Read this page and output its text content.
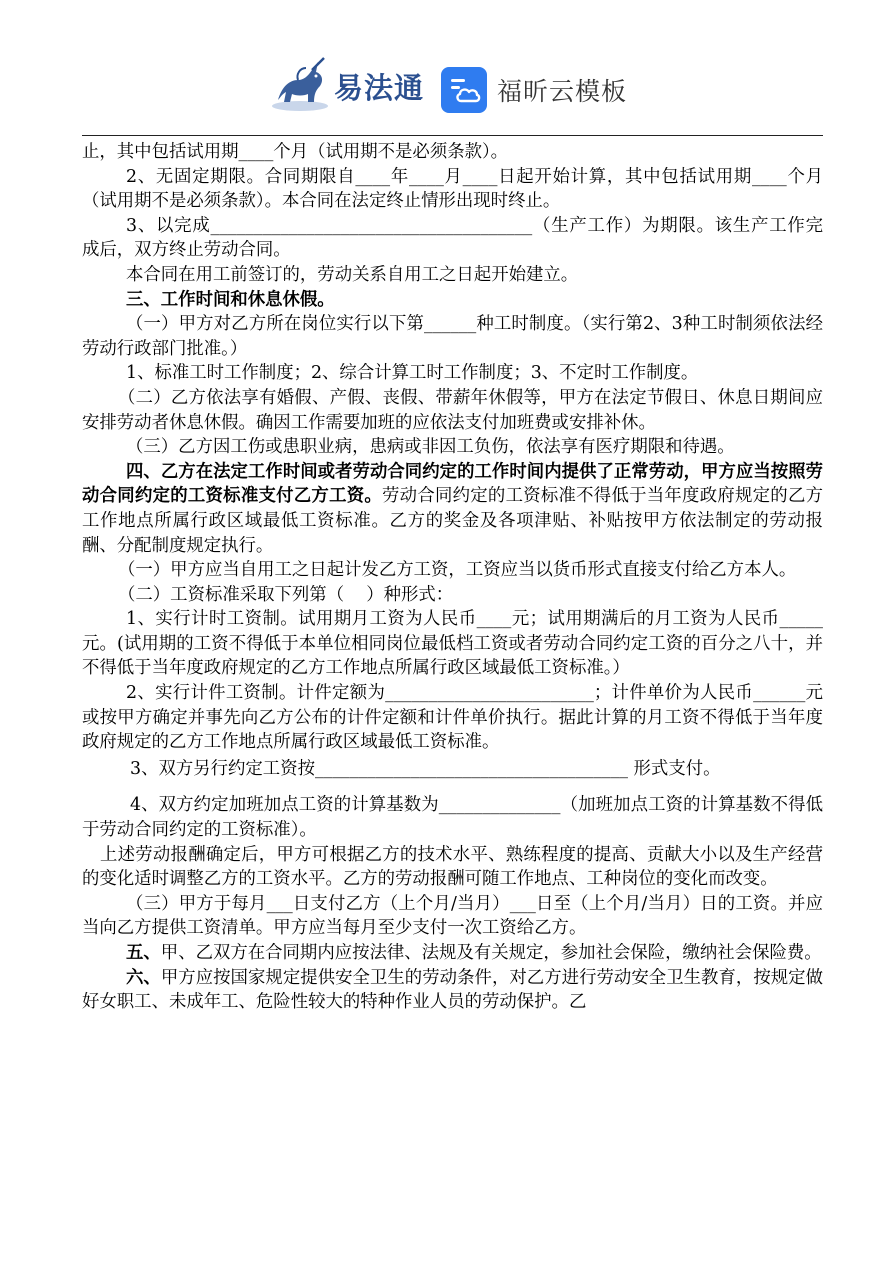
易法通	福昕云模板

止，其中包括试用期____个月（试用期不是必须条款）。

2、无固定期限。合同期限自____年____月____日起开始计算，其中包括试用期____个月（试用期不是必须条款）。本合同在法定终止情形出现时终止。

3、以完成_____________________________________（生产工作）为期限。该生产工作完成后，双方终止劳动合同。

本合同在用工前签订的，劳动关系自用工之日起开始建立。

三、工作时间和休息休假。

（一）甲方对乙方所在岗位实行以下第______种工时制度。（实行第2、3种工时制须依法经劳动行政部门批准。）

1、标准工时工作制度；2、综合计算工时工作制度；3、不定时工作制度。

（二）乙方依法享有婚假、产假、丧假、带薪年休假等，甲方在法定节假日、休息日期间应安排劳动者休息休假。确因工作需要加班的应依法支付加班费或安排补休。

（三）乙方因工伤或患职业病，患病或非因工负伤，依法享有医疗期限和待遇。

四、乙方在法定工作时间或者劳动合同约定的工作时间内提供了正常劳动，甲方应当按照劳动合同约定的工资标准支付乙方工资。劳动合同约定的工资标准不得低于当年度政府规定的乙方工作地点所属行政区域最低工资标准。乙方的奖金及各项津贴、补贴按甲方依法制定的劳动报酬、分配制度规定执行。

（一）甲方应当自用工之日起计发乙方工资，工资应当以货币形式直接支付给乙方本人。

（二）工资标准采取下列第（    ）种形式：

1、实行计时工资制。试用期月工资为人民币____元；试用期满后的月工资为人民币_____元。(试用期的工资不得低于本单位相同岗位最低档工资或者劳动合同约定工资的百分之八十，并不得低于当年度政府规定的乙方工作地点所属行政区域最低工资标准。）

2、实行计件工资制。计件定额为________________________；计件单价为人民币______元或按甲方确定并事先向乙方公布的计件定额和计件单价执行。据此计算的月工资不得低于当年度政府规定的乙方工作地点所属行政区域最低工资标准。

3、双方另行约定工资按____________________________________ 形式支付。

4、双方约定加班加点工资的计算基数为______________（加班加点工资的计算基数不得低于劳动合同约定的工资标准）。

上述劳动报酬确定后，甲方可根据乙方的技术水平、熟练程度的提高、贡献大小以及生产经营的变化适时调整乙方的工资水平。乙方的劳动报酬可随工作地点、工种岗位的变化而改变。

（三）甲方于每月___日支付乙方（上个月/当月）___日至（上个月/当月）日的工资。并应当向乙方提供工资清单。甲方应当每月至少支付一次工资给乙方。

五、甲、乙双方在合同期内应按法律、法规及有关规定，参加社会保险，缴纳社会保险费。

六、甲方应按国家规定提供安全卫生的劳动条件，对乙方进行劳动安全卫生教育，按规定做好女职工、未成年工、危险性较大的特种作业人员的劳动保护。乙
